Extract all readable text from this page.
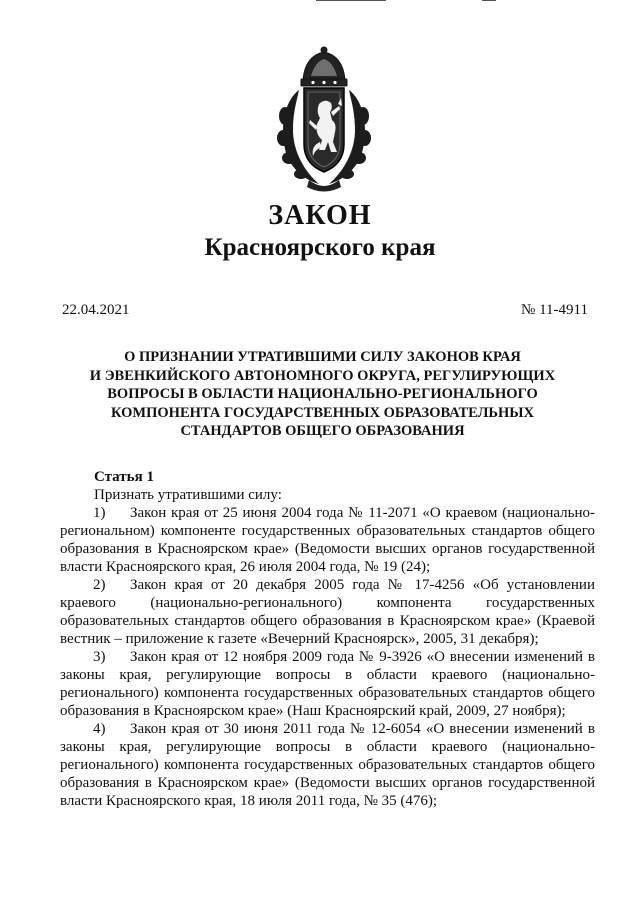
ЗАКОН
Красноярского края
22.04.2021	№ 11-4911
О ПРИЗНАНИИ УТРАТИВШИМИ СИЛУ ЗАКОНОВ КРАЯ
И ЭВЕНКИЙСКОГО АВТОНОМНОГО ОКРУГА, РЕГУЛИРУЮЩИХ
ВОПРОСЫ В ОБЛАСТИ НАЦИОНАЛЬНО-РЕГИОНАЛЬНОГО
КОМПОНЕНТА ГОСУДАРСТВЕННЫХ ОБРАЗОВАТЕЛЬНЫХ
СТАНДАРТОВ ОБЩЕГО ОБРАЗОВАНИЯ
Статья 1
Признать утратившими силу:
1) Закон края от 25 июня 2004 года № 11-2071 «О краевом (национально-региональном) компоненте государственных образовательных стандартов общего образования в Красноярском крае» (Ведомости высших органов государственной власти Красноярского края, 26 июля 2004 года, № 19 (24);
2) Закон края от 20 декабря 2005 года № 17-4256 «Об установлении краевого (национально-регионального) компонента государственных образовательных стандартов общего образования в Красноярском крае» (Краевой вестник – приложение к газете «Вечерний Красноярск», 2005, 31 декабря);
3) Закон края от 12 ноября 2009 года № 9-3926 «О внесении изменений в законы края, регулирующие вопросы в области краевого (национально-регионального) компонента государственных образовательных стандартов общего образования в Красноярском крае» (Наш Красноярский край, 2009, 27 ноября);
4) Закон края от 30 июня 2011 года № 12-6054 «О внесении изменений в законы края, регулирующие вопросы в области краевого (национально-регионального) компонента государственных образовательных стандартов общего образования в Красноярском крае» (Ведомости высших органов государственной власти Красноярского края, 18 июля 2011 года, № 35 (476);
